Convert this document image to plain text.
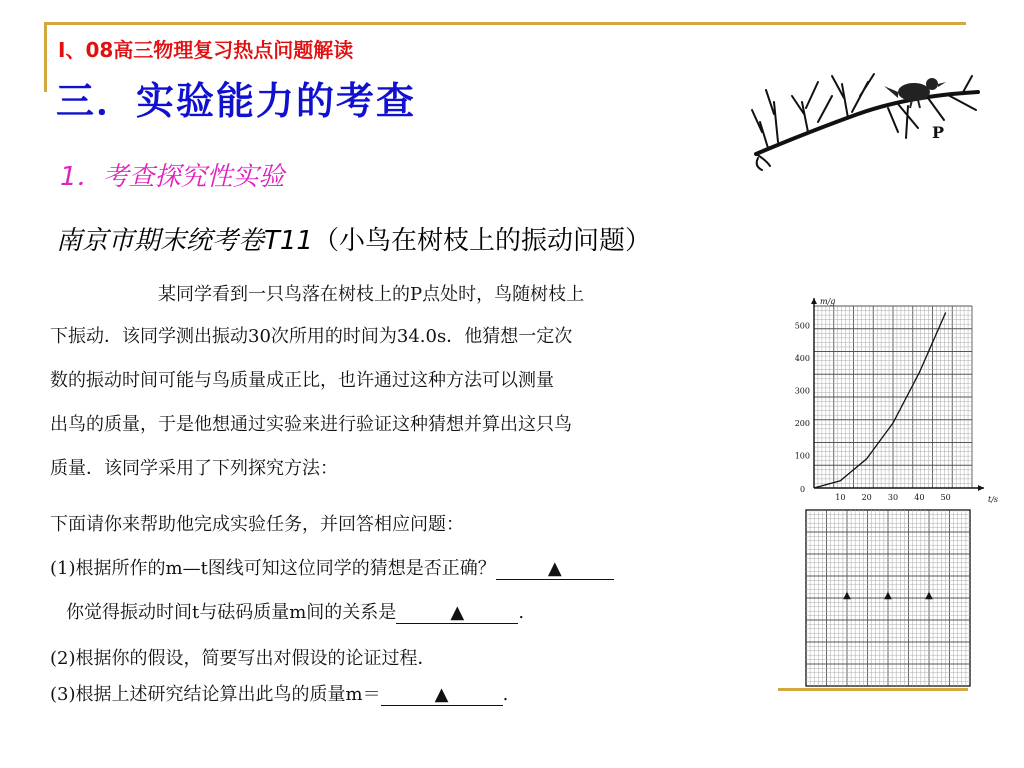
Ⅰ、08高三物理复习热点问题解读
三．实验能力的考查
1．考查探究性实验
南京市期末统考卷T11（小鸟在树枝上的振动问题）
P
某同学看到一只鸟落在树枝上的P点处时，鸟随树枝上
下振动．该同学测出振动30次所用的时间为34.0s．他猜想一定次
数的振动时间可能与鸟质量成正比，也许通过这种方法可以测量
出鸟的质量，于是他想通过实验来进行验证这种猜想并算出这只鸟
质量．该同学采用了下列探究方法：
下面请你来帮助他完成实验任务，并回答相应问题：
(1)根据所作的m—t图线可知这位同学的猜想是否正确？	▲
你觉得振动时间t与砝码质量m间的关系是	▲	.
(2)根据你的假设，简要写出对假设的论证过程．
(3)根据上述研究结论算出此鸟的质量m＝	▲	.
10 20 30 40 50
100
200
300
400
500
0
t/s
m/g
▲	▲	▲
